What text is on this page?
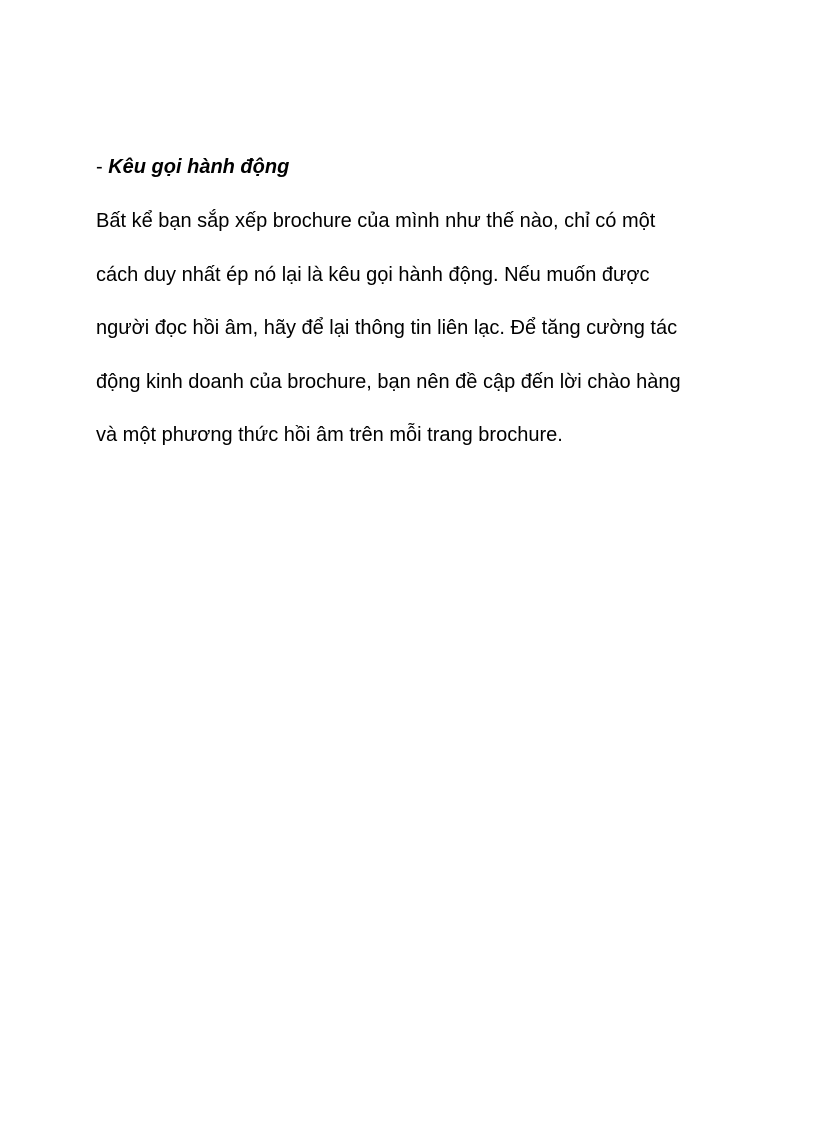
- Kêu gọi hành động
Bất kể bạn sắp xếp brochure của mình như thế nào, chỉ có một
cách duy nhất ép nó lại là kêu gọi hành động. Nếu muốn được
người đọc hồi âm, hãy để lại thông tin liên lạc. Để tăng cường tác
động kinh doanh của brochure, bạn nên đề cập đến lời chào hàng
và một phương thức hồi âm trên mỗi trang brochure.
